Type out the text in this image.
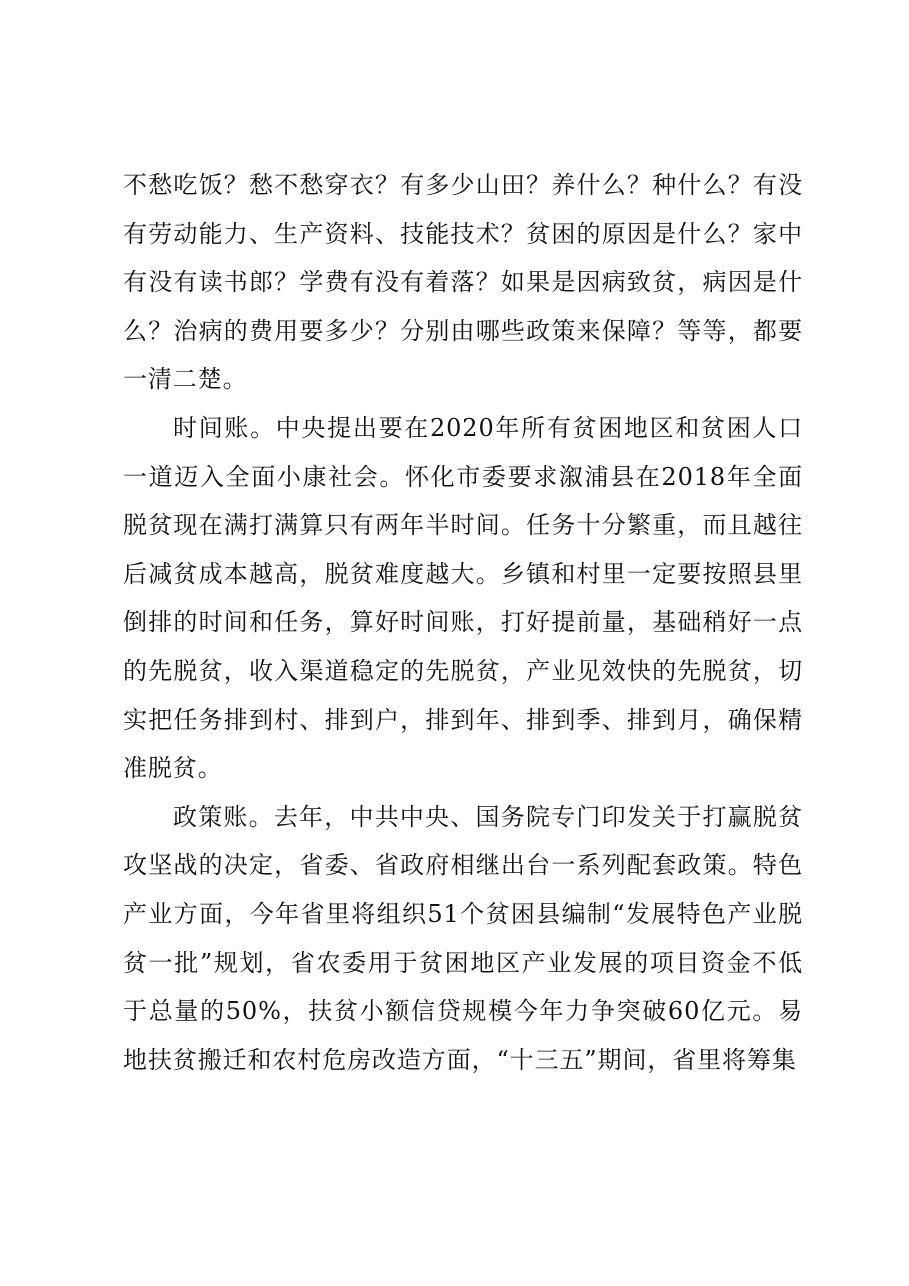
不愁吃饭？愁不愁穿衣？有多少山田？养什么？种什么？有没有劳动能力、生产资料、技能技术？贫困的原因是什么？家中有没有读书郎？学费有没有着落？如果是因病致贫，病因是什么？治病的费用要多少？分别由哪些政策来保障？等等，都要一清二楚。

时间账。中央提出要在2020年所有贫困地区和贫困人口一道迈入全面小康社会。怀化市委要求溆浦县在2018年全面脱贫现在满打满算只有两年半时间。任务十分繁重，而且越往后减贫成本越高，脱贫难度越大。乡镇和村里一定要按照县里倒排的时间和任务，算好时间账，打好提前量，基础稍好一点的先脱贫，收入渠道稳定的先脱贫，产业见效快的先脱贫，切实把任务排到村、排到户，排到年、排到季、排到月，确保精准脱贫。

政策账。去年，中共中央、国务院专门印发关于打赢脱贫攻坚战的决定，省委、省政府相继出台一系列配套政策。特色产业方面，今年省里将组织51个贫困县编制“发展特色产业脱贫一批”规划，省农委用于贫困地区产业发展的项目资金不低于总量的50%，扶贫小额信贷规模今年力争突破60亿元。易地扶贫搬迁和农村危房改造方面，“十三五”期间，省里将筹集
